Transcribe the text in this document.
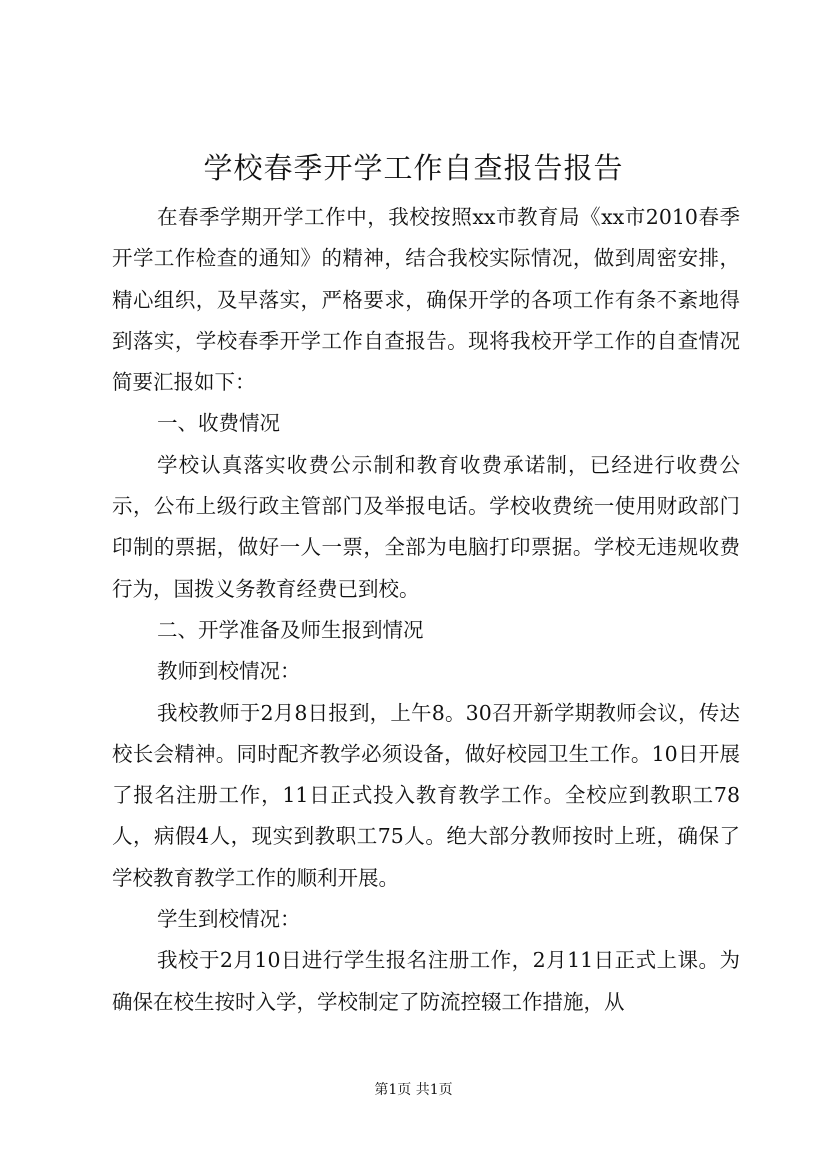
学校春季开学工作自查报告报告

在春季学期开学工作中，我校按照xx市教育局《xx市2010春季开学工作检查的通知》的精神，结合我校实际情况，做到周密安排，精心组织，及早落实，严格要求，确保开学的各项工作有条不紊地得到落实，学校春季开学工作自查报告。现将我校开学工作的自查情况简要汇报如下：

一、收费情况

学校认真落实收费公示制和教育收费承诺制，已经进行收费公示，公布上级行政主管部门及举报电话。学校收费统一使用财政部门印制的票据，做好一人一票，全部为电脑打印票据。学校无违规收费行为，国拨义务教育经费已到校。

二、开学准备及师生报到情况

教师到校情况：

我校教师于2月8日报到，上午8。30召开新学期教师会议，传达校长会精神。同时配齐教学必须设备，做好校园卫生工作。10日开展了报名注册工作，11日正式投入教育教学工作。全校应到教职工78人，病假4人，现实到教职工75人。绝大部分教师按时上班，确保了学校教育教学工作的顺利开展。

学生到校情况：

我校于2月10日进行学生报名注册工作，2月11日正式上课。为确保在校生按时入学，学校制定了防流控辍工作措施，从

第1页 共1页
